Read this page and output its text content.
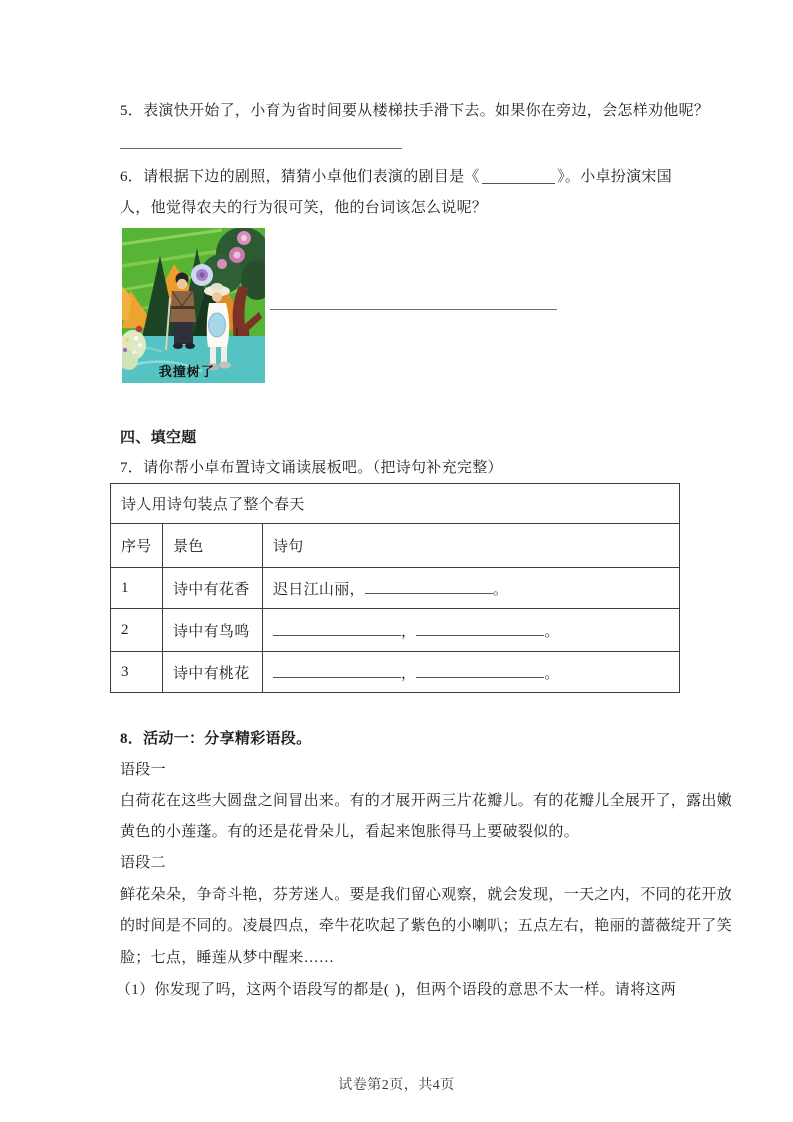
5．表演快开始了，小育为省时间要从楼梯扶手滑下去。如果你在旁边，会怎样劝他呢？
6．请根据下边的剧照，猜猜小卓他们表演的剧目是《	》。小卓扮演宋国
人，他觉得农夫的行为很可笑，他的台词该怎么说呢？
我撞树了
四、填空题
7．请你帮小卓布置诗文诵读展板吧。（把诗句补充完整）
诗人用诗句装点了整个春天		
序号	景色	诗句
1	诗中有花香	迟日江山丽， 。
2	诗中有鸟鸣	， 。
3	诗中有桃花	， 。
8．活动一：分享精彩语段。
语段一
白荷花在这些大圆盘之间冒出来。有的才展开两三片花瓣儿。有的花瓣儿全展开了，露出嫩
黄色的小莲蓬。有的还是花骨朵儿，看起来饱胀得马上要破裂似的。
语段二
鲜花朵朵，争奇斗艳，芬芳迷人。要是我们留心观察，就会发现，一天之内，不同的花开放
的时间是不同的。凌晨四点，牵牛花吹起了紫色的小喇叭；五点左右，艳丽的蔷薇绽开了笑
脸；七点，睡莲从梦中醒来……
（1）你发现了吗，这两个语段写的都是( )，但两个语段的意思不太一样。请将这两
试卷第2页，共4页
